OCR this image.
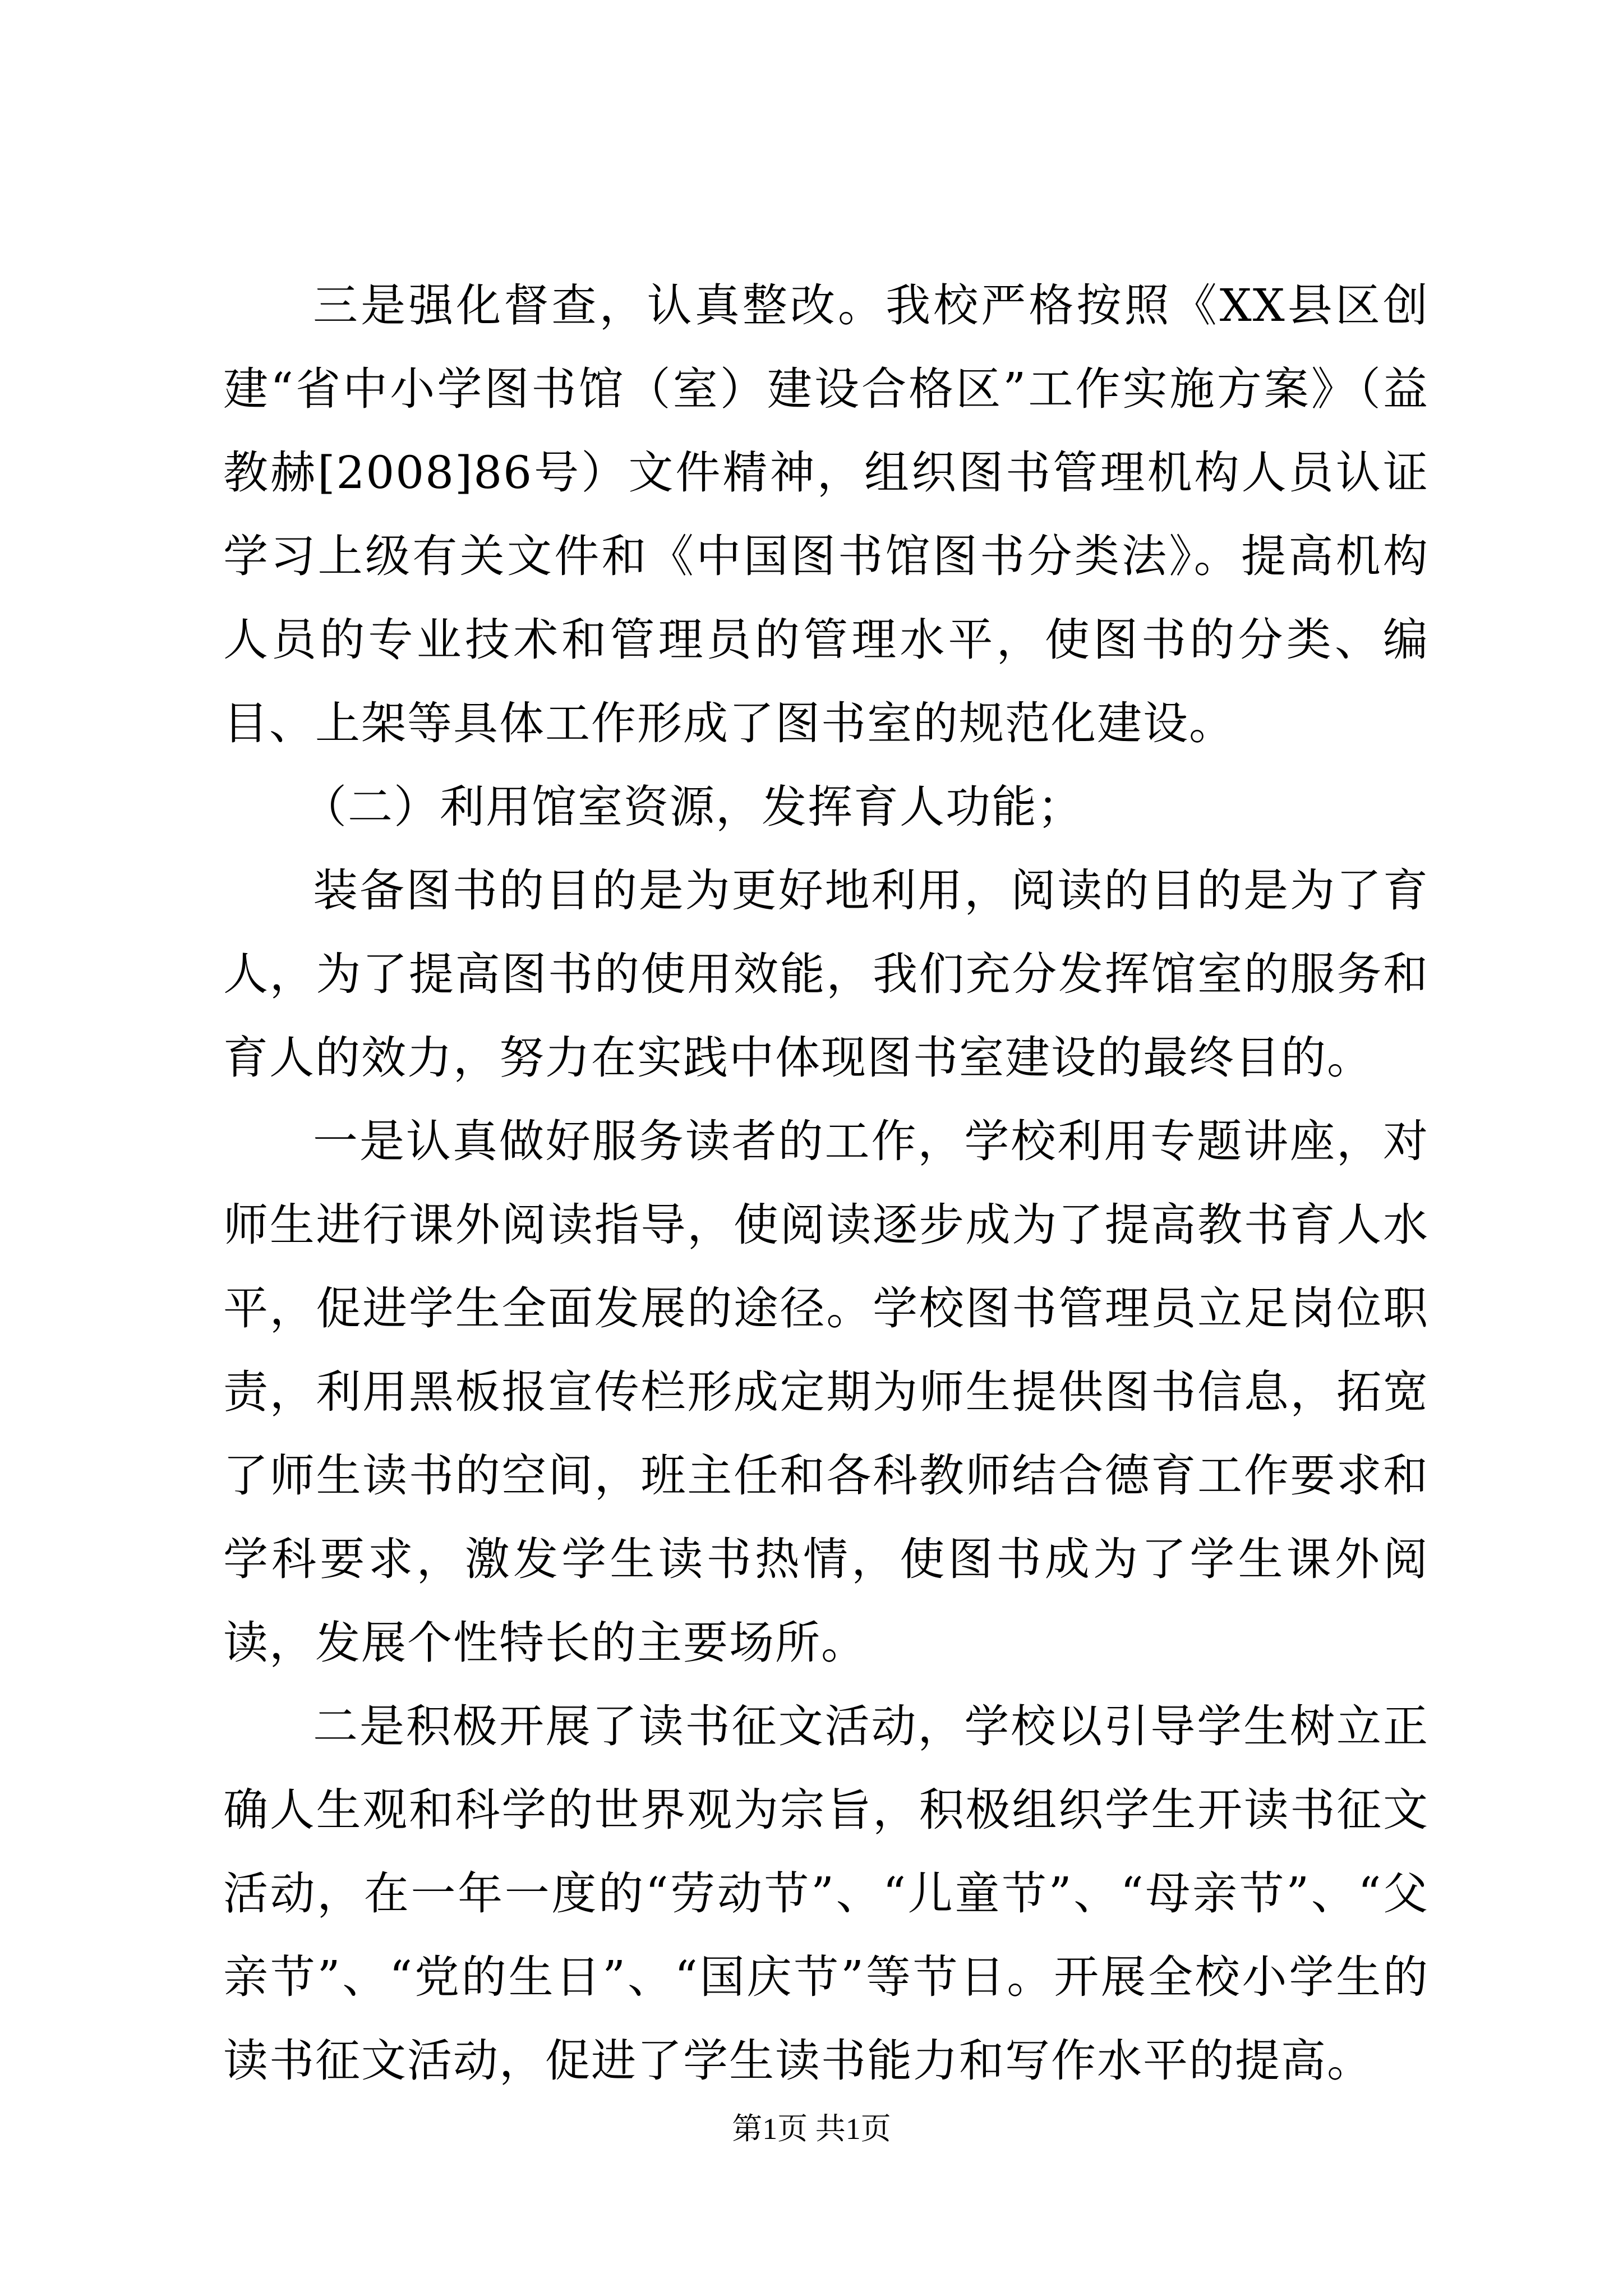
三是强化督查，认真整改。我校严格按照《XX县区创建“省中小学图书馆（室）建设合格区”工作实施方案》（益教赫[2008]86号）文件精神，组织图书管理机构人员认证学习上级有关文件和《中国图书馆图书分类法》。提高机构人员的专业技术和管理员的管理水平，使图书的分类、编目、上架等具体工作形成了图书室的规范化建设。

（二）利用馆室资源，发挥育人功能；

装备图书的目的是为更好地利用，阅读的目的是为了育人，为了提高图书的使用效能，我们充分发挥馆室的服务和育人的效力，努力在实践中体现图书室建设的最终目的。

一是认真做好服务读者的工作，学校利用专题讲座，对师生进行课外阅读指导，使阅读逐步成为了提高教书育人水平，促进学生全面发展的途径。学校图书管理员立足岗位职责，利用黑板报宣传栏形成定期为师生提供图书信息，拓宽了师生读书的空间，班主任和各科教师结合德育工作要求和学科要求，激发学生读书热情，使图书成为了学生课外阅读，发展个性特长的主要场所。

二是积极开展了读书征文活动，学校以引导学生树立正确人生观和科学的世界观为宗旨，积极组织学生开读书征文活动，在一年一度的“劳动节”、“儿童节”、“母亲节”、“父亲节”、“党的生日”、“国庆节”等节日。开展全校小学生的读书征文活动，促进了学生读书能力和写作水平的提高。

第1页 共1页
